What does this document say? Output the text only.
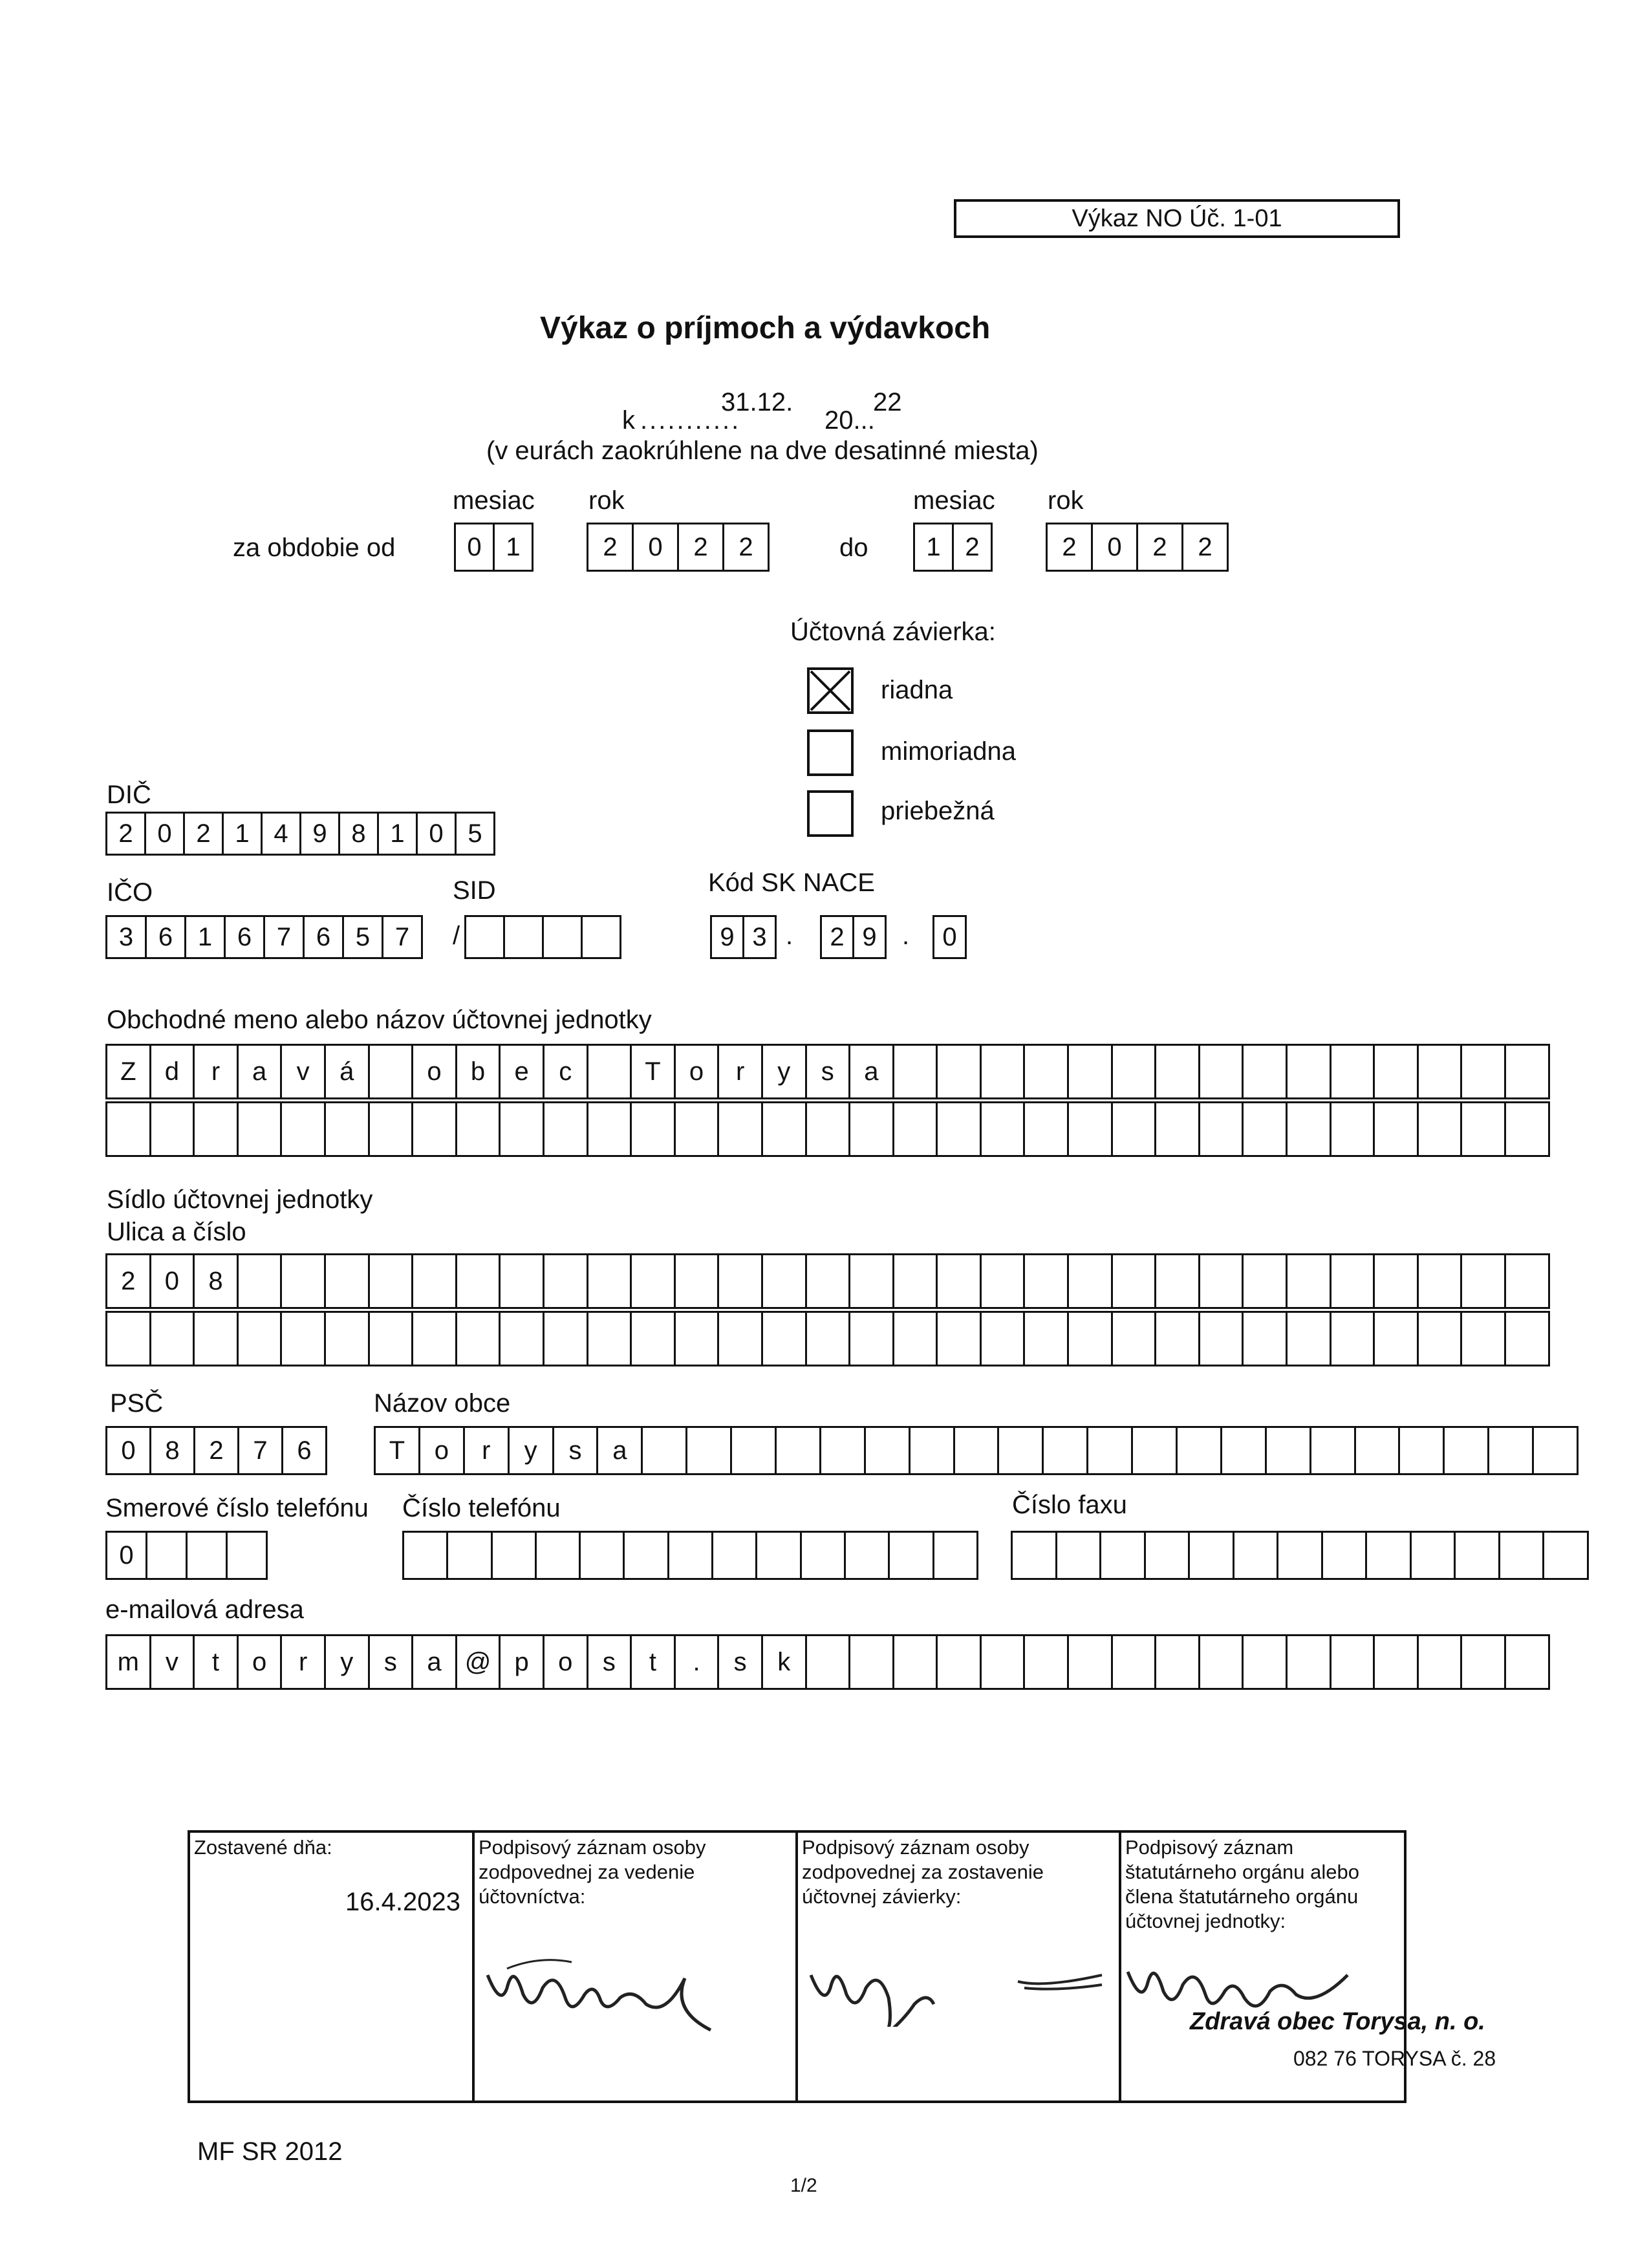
Výkaz NO Úč. 1-01
Výkaz o príjmoch a výdavkoch
k ...........
31.12.
20...
22
(v eurách zaokrúhlene na dve desatinné miesta)
mesiac rok	mesiac rok
za obdobie od	do
0 1	2	0	2	2	1 2	2	0	2	2
Účtovná závierka:
riadna
mimoriadna
priebežná
DIČ
2 0 2 1 4 9 8 1 0 5
IČO
3 6 1 6 7 6 5 7	/
SID	Kód SK NACE
9 3 .	2 9 .	0
Obchodné meno alebo názov účtovnej jednotky
Z	d	r	a	v	á	o	b	e	c	T	o	r	y	s	a
Sídlo účtovnej jednotky
Ulica a číslo
2	0	8
PSČ
0	8	2	7	6
Názov obce
T	o	r	y	s	a
Smerové číslo telefónu
0
Číslo telefónu	Číslo faxu
e-mailová adresa
m	v	t	o	r	y	s	a @ p	o	s	t	.	s	k
Zostavené dňa:
16.4.2023
Podpisový záznam osoby
zodpovednej za vedenie
účtovníctva:
Podpisový záznam osoby
zodpovednej za zostavenie
účtovnej závierky:
Podpisový záznam
štatutárneho orgánu alebo
člena štatutárneho orgánu
účtovnej jednotky:
Zdravá obec Torysa, n. o.
082 76 TORYSA č. 28
MF SR 2012
1/2
